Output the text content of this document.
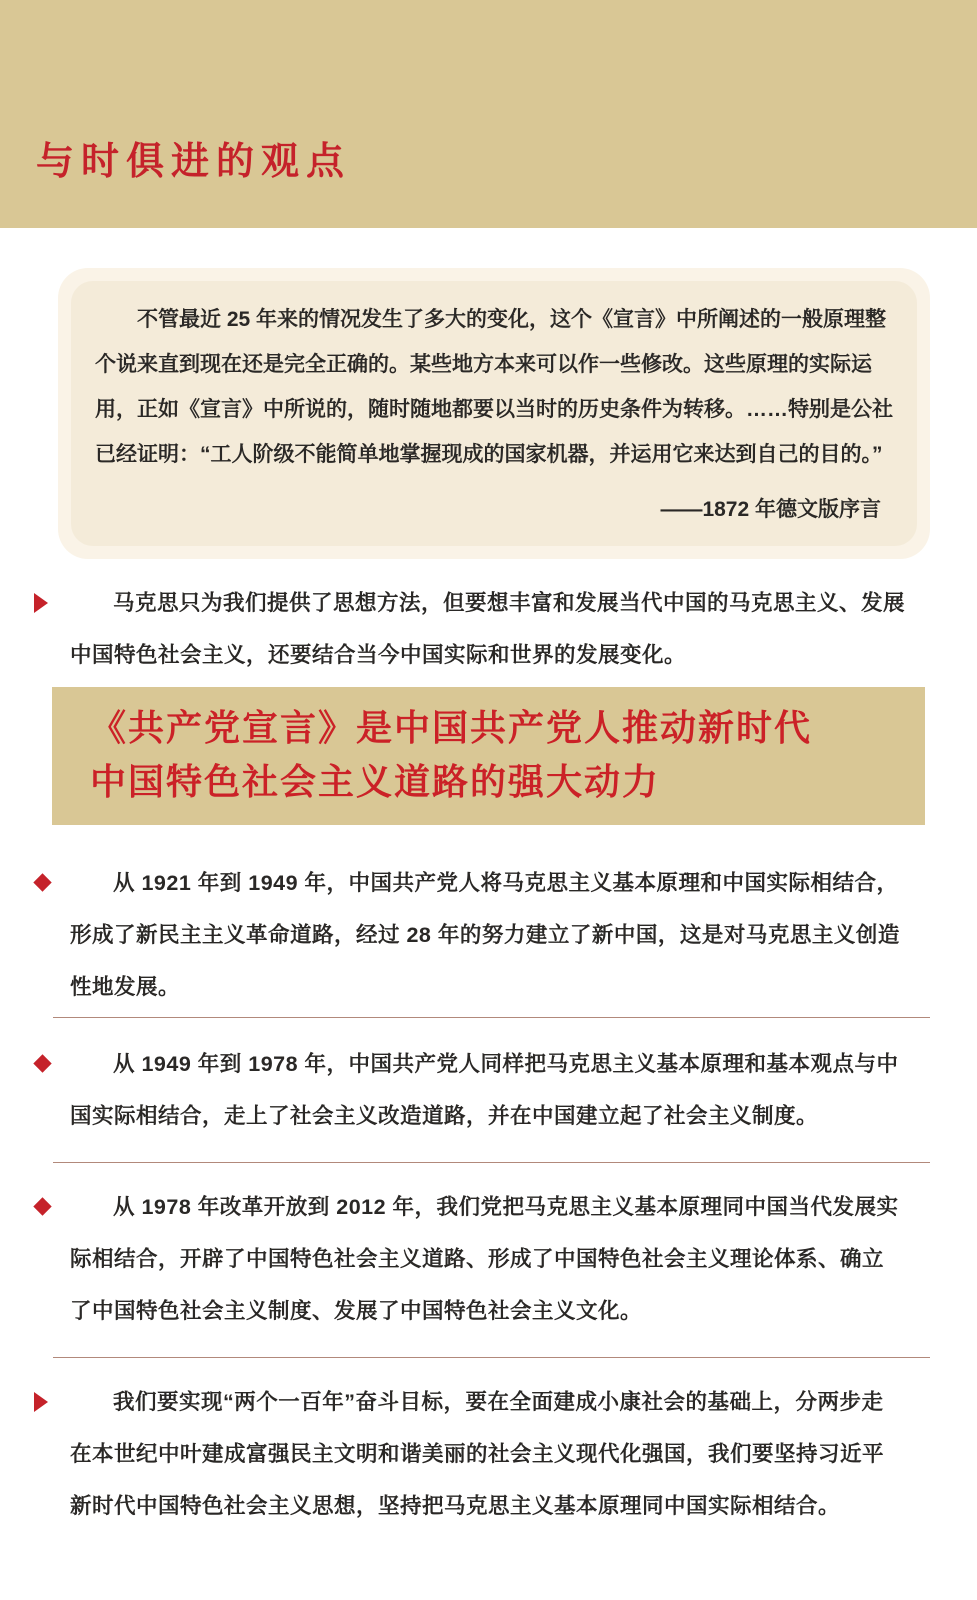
与时俱进的观点

不管最近 25 年来的情况发生了多大的变化，这个《宣言》中所阐述的一般原理整个说来直到现在还是完全正确的。某些地方本来可以作一些修改。这些原理的实际运用，正如《宣言》中所说的，随时随地都要以当时的历史条件为转移。……特别是公社已经证明：“工人阶级不能简单地掌握现成的国家机器，并运用它来达到自己的目的。”

——1872 年德文版序言

马克思只为我们提供了思想方法，但要想丰富和发展当代中国的马克思主义、发展中国特色社会主义，还要结合当今中国实际和世界的发展变化。

《共产党宣言》是中国共产党人推动新时代
中国特色社会主义道路的强大动力

从 1921 年到 1949 年，中国共产党人将马克思主义基本原理和中国实际相结合，形成了新民主主义革命道路，经过 28 年的努力建立了新中国，这是对马克思主义创造性地发展。

从 1949 年到 1978 年，中国共产党人同样把马克思主义基本原理和基本观点与中国实际相结合，走上了社会主义改造道路，并在中国建立起了社会主义制度。

从 1978 年改革开放到 2012 年，我们党把马克思主义基本原理同中国当代发展实际相结合，开辟了中国特色社会主义道路、形成了中国特色社会主义理论体系、确立了中国特色社会主义制度、发展了中国特色社会主义文化。

我们要实现“两个一百年”奋斗目标，要在全面建成小康社会的基础上，分两步走在本世纪中叶建成富强民主文明和谐美丽的社会主义现代化强国，我们要坚持习近平新时代中国特色社会主义思想，坚持把马克思主义基本原理同中国实际相结合。
